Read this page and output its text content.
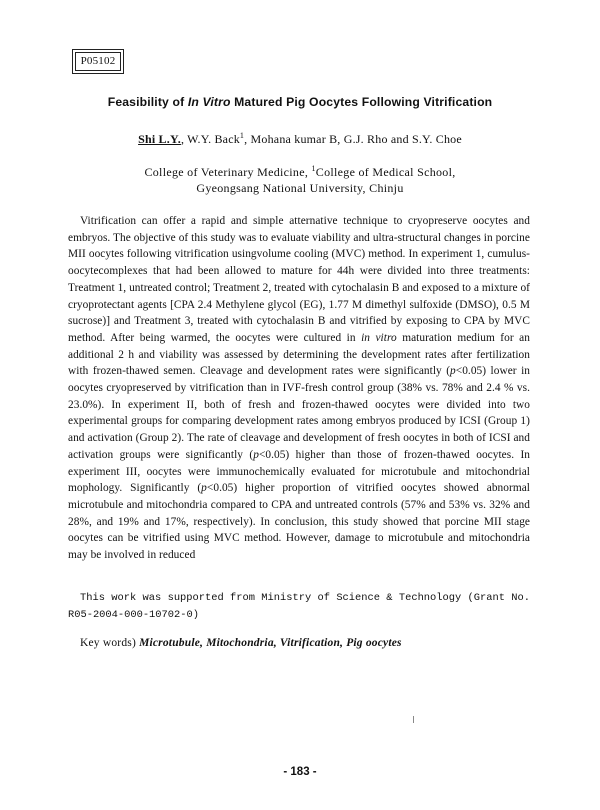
P05102
Feasibility of In Vitro Matured Pig Oocytes Following Vitrification
Shi L.Y., W.Y. Back$^1$, Mohana kumar B, G.J. Rho and S.Y. Choe
College of Veterinary Medicine, $^1$College of Medical School,
Gyeongsang National University, Chinju

Vitrification can offer a rapid and simple atternative technique to cryopreserve oocytes and embryos. The objective of this study was to evaluate viability and ultra-structural changes in porcine MII oocytes following vitrification usingvolume cooling (MVC) method. In experiment 1, cumulus-oocytecomplexes that had been allowed to mature for 44h were divided into three treatments: Treatment 1, untreated control; Treatment 2, treated with cytochalasin B and exposed to a mixture of cryoprotectant agents [CPA 2.4 Methylene glycol (EG), 1.77 M dimethyl sulfoxide (DMSO), 0.5 M sucrose)] and Treatment 3, treated with cytochalasin B and vitrified by exposing to CPA by MVC method. After being warmed, the oocytes were cultured in in vitro maturation medium for an additional 2 h and viability was assessed by determining the development rates after fertilization with frozen-thawed semen. Cleavage and development rates were significantly (p<0.05) lower in oocytes cryopreserved by vitrification than in IVF-fresh control group (38% vs. 78% and 2.4 % vs. 23.0%). In experiment II, both of fresh and frozen-thawed oocytes were divided into two experimental groups for comparing development rates among embryos produced by ICSI (Group 1) and activation (Group 2). The rate of cleavage and development of fresh oocytes in both of ICSI and activation groups were significantly (p<0.05) higher than those of frozen-thawed oocytes. In experiment III, oocytes were immunochemically evaluated for microtubule and mitochondrial mophology. Significantly (p<0.05) higher proportion of vitrified oocytes showed abnormal microtubule and mitochondria compared to CPA and untreated controls (57% and 53% vs. 32% and 28%, and 19% and 17%, respectively). In conclusion, this study showed that porcine MII stage oocytes can be vitrified using MVC method. However, damage to microtubule and mitochondria may be involved in reduced

This work was supported from Ministry of Science & Technology (Grant No. R05-2004-000-10702-0)

Key words) Microtubule, Mitochondria, Vitrification, Pig oocytes
- 183 -
